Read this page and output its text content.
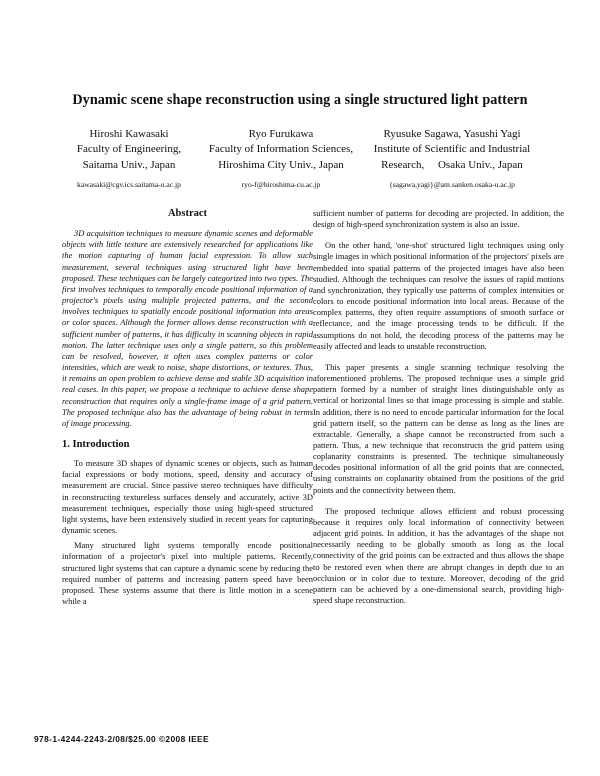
Dynamic scene shape reconstruction using a single structured light pattern
Hiroshi Kawasaki
Faculty of Engineering,
Saitama Univ., Japan
kawasaki@cgv.ics.saitama-u.ac.jp
Ryo Furukawa
Faculty of Information Sciences,
Hiroshima City Univ., Japan
ryo-f@hiroshima-cu.ac.jp
Ryusuke Sagawa, Yasushi Yagi
Institute of Scientific and Industrial
Research,     Osaka Univ., Japan
{sagawa,yagi}@am.sanken.osaka-u.ac.jp
Abstract

3D acquisition techniques to measure dynamic scenes and deformable objects with little texture are extensively researched for applications like the motion capturing of human facial expression. To allow such measurement, several techniques using structured light have been proposed. These techniques can be largely categorized into two types. The first involves techniques to temporally encode positional information of a projector's pixels using multiple projected patterns, and the second involves techniques to spatially encode positional information into areas or color spaces. Although the former allows dense reconstruction with a sufficient number of patterns, it has difficulty in scanning objects in rapid motion. The latter technique uses only a single pattern, so this problem can be resolved, however, it often uses complex patterns or color intensities, which are weak to noise, shape distortions, or textures. Thus, it remains an open problem to achieve dense and stable 3D acquisition in real cases. In this paper, we propose a technique to achieve dense shape reconstruction that requires only a single-frame image of a grid pattern. The proposed technique also has the advantage of being robust in terms of image processing.

1. Introduction

To measure 3D shapes of dynamic scenes or objects, such as human facial expressions or body motions, speed, density and accuracy of measurement are crucial. Since passive stereo techniques have difficulty in reconstructing textureless surfaces densely and accurately, active 3D measurement techniques, especially those using high-speed structured light systems, have been extensively studied in recent years for capturing dynamic scenes.

Many structured light systems temporally encode positional information of a projector's pixel into multiple patterns. Recently, structured light systems that can capture a dynamic scene by reducing the required number of patterns and increasing pattern speed have been proposed. These systems assume that there is little motion in a scene while a

sufficient number of patterns for decoding are projected. In addition, the design of high-speed synchronization system is also an issue.

On the other hand, 'one-shot' structured light techniques using only single images in which positional information of the projectors' pixels are embedded into spatial patterns of the projected images have also been studied. Although the techniques can resolve the issues of rapid motions and synchronization, they typically use patterns of complex intensities or colors to encode positional information into local areas. Because of the complex patterns, they often require assumptions of smooth surface or reflectance, and the image processing tends to be difficult. If the assumptions do not hold, the decoding process of the patterns may be easily affected and leads to unstable reconstruction.

This paper presents a single scanning technique resolving the aforementioned problems. The proposed technique uses a simple grid pattern formed by a number of straight lines distinguishable only as vertical or horizontal lines so that image processing is simple and stable. In addition, there is no need to encode particular information for the local grid pattern itself, so the pattern can be dense as long as the lines are extractable. Generally, a shape cannot be reconstructed from such a pattern. Thus, a new technique that reconstructs the grid pattern using coplanarity constraints is presented. The technique simultaneously decodes positional information of all the grid points that are connected, using constraints on coplanarity obtained from the positions of the grid points and the connectivity between them.

The proposed technique allows efficient and robust processing because it requires only local information of connectivity between adjacent grid points. In addition, it has the advantages of the shape not necessarily needing to be globally smooth as long as the local connectivity of the grid points can be extracted and thus allows the shape to be restored even when there are abrupt changes in depth due to an occlusion or in color due to texture. Moreover, decoding of the grid pattern can be achieved by a one-dimensional search, providing high-speed shape reconstruction.

978-1-4244-2243-2/08/$25.00 ©2008 IEEE
